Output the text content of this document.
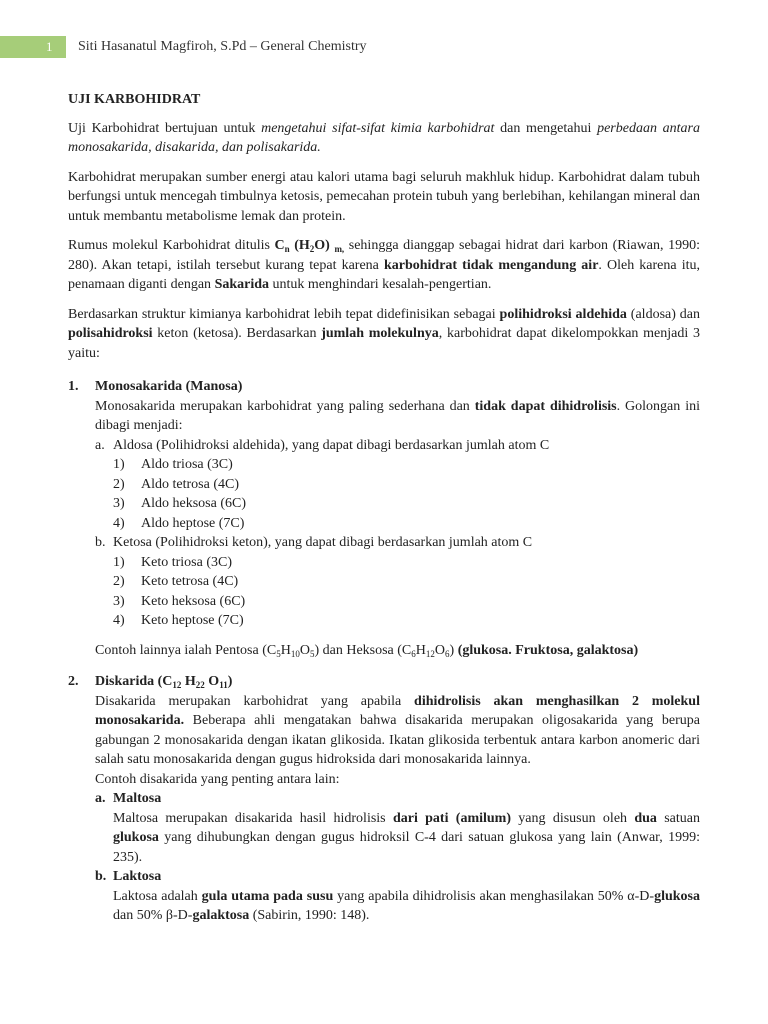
1	Siti Hasanatul Magfiroh, S.Pd – General Chemistry
UJI KARBOHIDRAT

Uji Karbohidrat bertujuan untuk mengetahui sifat-sifat kimia karbohidrat dan mengetahui perbedaan antara monosakarida, disakarida, dan polisakarida.

Karbohidrat merupakan sumber energi atau kalori utama bagi seluruh makhluk hidup. Karbohidrat dalam tubuh berfungsi untuk mencegah timbulnya ketosis, pemecahan protein tubuh yang berlebihan, kehilangan mineral dan untuk membantu metabolisme lemak dan protein.

Rumus molekul Karbohidrat ditulis $C_n$ $(H_2O)$ $_{m,}$ sehingga dianggap sebagai hidrat dari karbon (Riawan, 1990: 280). Akan tetapi, istilah tersebut kurang tepat karena karbohidrat tidak mengandung air. Oleh karena itu, penamaan diganti dengan Sakarida untuk menghindari kesalah-pengertian.

Berdasarkan struktur kimianya karbohidrat lebih tepat didefinisikan sebagai polihidroksi aldehida (aldosa) dan polisahidroksi keton (ketosa). Berdasarkan jumlah molekulnya, karbohidrat dapat dikelompokkan menjadi 3 yaitu:

1. Monosakarida (Manosa)
Monosakarida merupakan karbohidrat yang paling sederhana dan tidak dapat dihidrolisis. Golongan ini dibagi menjadi:
a. Aldosa (Polihidroksi aldehida), yang dapat dibagi berdasarkan jumlah atom C
1) Aldo triosa (3C)
2) Aldo tetrosa (4C)
3) Aldo heksosa (6C)
4) Aldo heptose (7C)
b. Ketosa (Polihidroksi keton), yang dapat dibagi berdasarkan jumlah atom C
1) Keto triosa (3C)
2) Keto tetrosa (4C)
3) Keto heksosa (6C)
4) Keto heptose (7C)
Contoh lainnya ialah Pentosa $(C_5H_{10}O_5)$ dan Heksosa $(C_6H_{12}O_6)$ (glukosa. Fruktosa, galaktosa)
2. Diskarida ($C_{12}$ $H_{22}$ $O_{11}$)
Disakarida merupakan karbohidrat yang apabila dihidrolisis akan menghasilkan 2 molekul monosakarida. Beberapa ahli mengatakan bahwa disakarida merupakan oligosakarida yang berupa gabungan 2 monosakarida dengan ikatan glikosida. Ikatan glikosida terbentuk antara karbon anomeric dari salah satu monosakarida dengan gugus hidroksida dari monosakarida lainnya.
Contoh disakarida yang penting antara lain:
a. Maltosa
Maltosa merupakan disakarida hasil hidrolisis dari pati (amilum) yang disusun oleh dua satuan glukosa yang dihubungkan dengan gugus hidroksil C-4 dari satuan glukosa yang lain (Anwar, 1999: 235).
b. Laktosa
Laktosa adalah gula utama pada susu yang apabila dihidrolisis akan menghasilakan 50% α-D-glukosa dan 50% β-D-galaktosa (Sabirin, 1990: 148).
